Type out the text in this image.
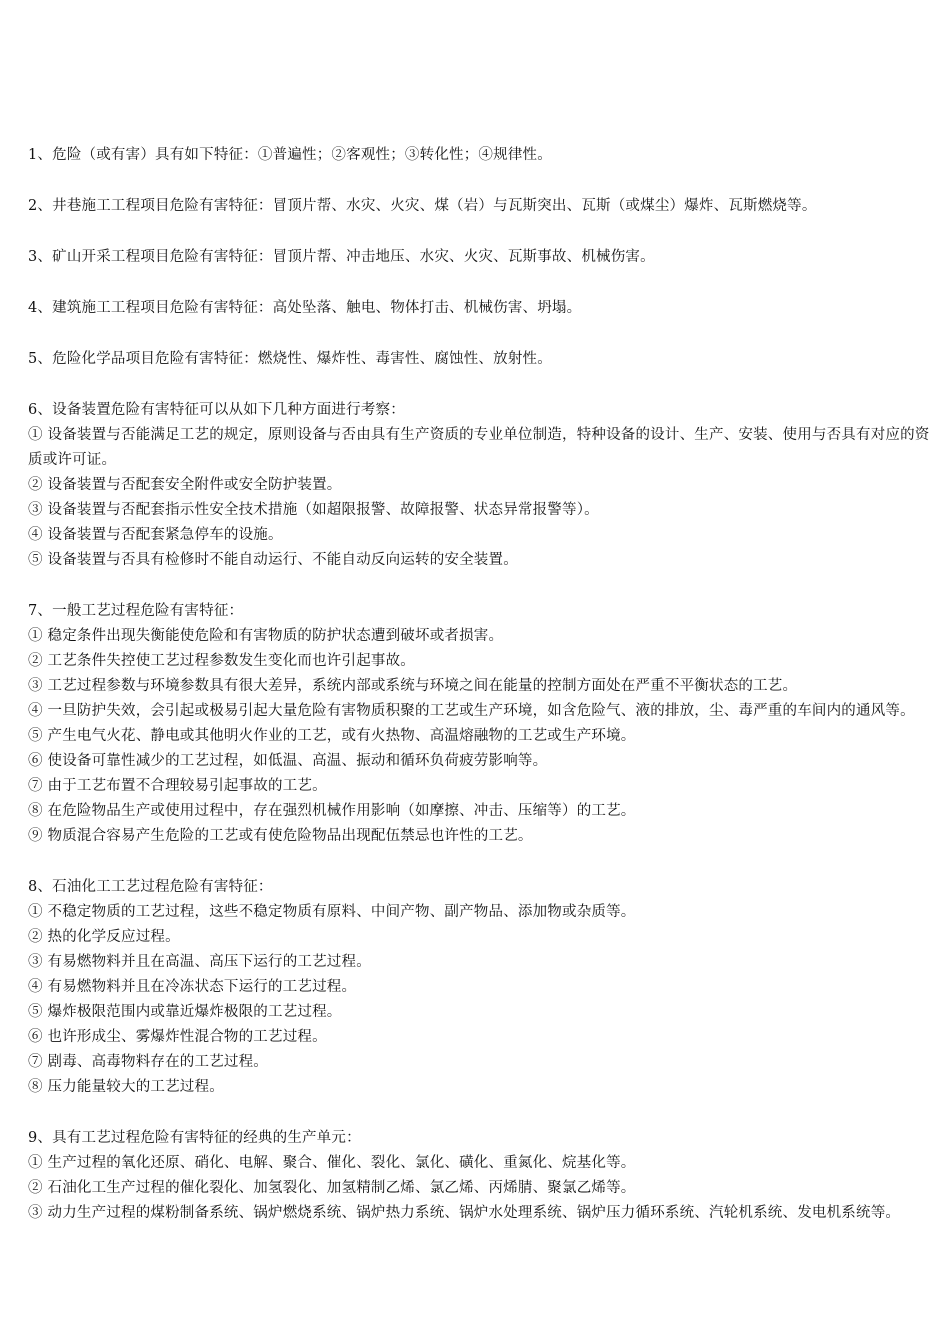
1、危险（或有害）具有如下特征：①普遍性；②客观性；③转化性；④规律性。
2、井巷施工工程项目危险有害特征：冒顶片帮、水灾、火灾、煤（岩）与瓦斯突出、瓦斯（或煤尘）爆炸、瓦斯燃烧等。
3、矿山开采工程项目危险有害特征：冒顶片帮、冲击地压、水灾、火灾、瓦斯事故、机械伤害。
4、建筑施工工程项目危险有害特征：高处坠落、触电、物体打击、机械伤害、坍塌。
5、危险化学品项目危险有害特征：燃烧性、爆炸性、毒害性、腐蚀性、放射性。
6、设备装置危险有害特征可以从如下几种方面进行考察：
① 设备装置与否能满足工艺的规定，原则设备与否由具有生产资质的专业单位制造，特种设备的设计、生产、安装、使用与否具有对应的资质或许可证。
② 设备装置与否配套安全附件或安全防护装置。
③ 设备装置与否配套指示性安全技术措施（如超限报警、故障报警、状态异常报警等）。
④ 设备装置与否配套紧急停车的设施。
⑤ 设备装置与否具有检修时不能自动运行、不能自动反向运转的安全装置。
7、一般工艺过程危险有害特征：
① 稳定条件出现失衡能使危险和有害物质的防护状态遭到破坏或者损害。
② 工艺条件失控使工艺过程参数发生变化而也许引起事故。
③ 工艺过程参数与环境参数具有很大差异，系统内部或系统与环境之间在能量的控制方面处在严重不平衡状态的工艺。
④ 一旦防护失效，会引起或极易引起大量危险有害物质积聚的工艺或生产环境，如含危险气、液的排放，尘、毒严重的车间内的通风等。
⑤ 产生电气火花、静电或其他明火作业的工艺，或有火热物、高温熔融物的工艺或生产环境。
⑥ 使设备可靠性减少的工艺过程，如低温、高温、振动和循环负荷疲劳影响等。
⑦ 由于工艺布置不合理较易引起事故的工艺。
⑧ 在危险物品生产或使用过程中，存在强烈机械作用影响（如摩擦、冲击、压缩等）的工艺。
⑨ 物质混合容易产生危险的工艺或有使危险物品出现配伍禁忌也许性的工艺。
8、石油化工工艺过程危险有害特征：
① 不稳定物质的工艺过程，这些不稳定物质有原料、中间产物、副产物品、添加物或杂质等。
② 热的化学反应过程。
③ 有易燃物料并且在高温、高压下运行的工艺过程。
④ 有易燃物料并且在冷冻状态下运行的工艺过程。
⑤ 爆炸极限范围内或靠近爆炸极限的工艺过程。
⑥ 也许形成尘、雾爆炸性混合物的工艺过程。
⑦ 剧毒、高毒物料存在的工艺过程。
⑧ 压力能量较大的工艺过程。
9、具有工艺过程危险有害特征的经典的生产单元：
① 生产过程的氧化还原、硝化、电解、聚合、催化、裂化、氯化、磺化、重氮化、烷基化等。
② 石油化工生产过程的催化裂化、加氢裂化、加氢精制乙烯、氯乙烯、丙烯腈、聚氯乙烯等。
③ 动力生产过程的煤粉制备系统、锅炉燃烧系统、锅炉热力系统、锅炉水处理系统、锅炉压力循环系统、汽轮机系统、发电机系统等。
